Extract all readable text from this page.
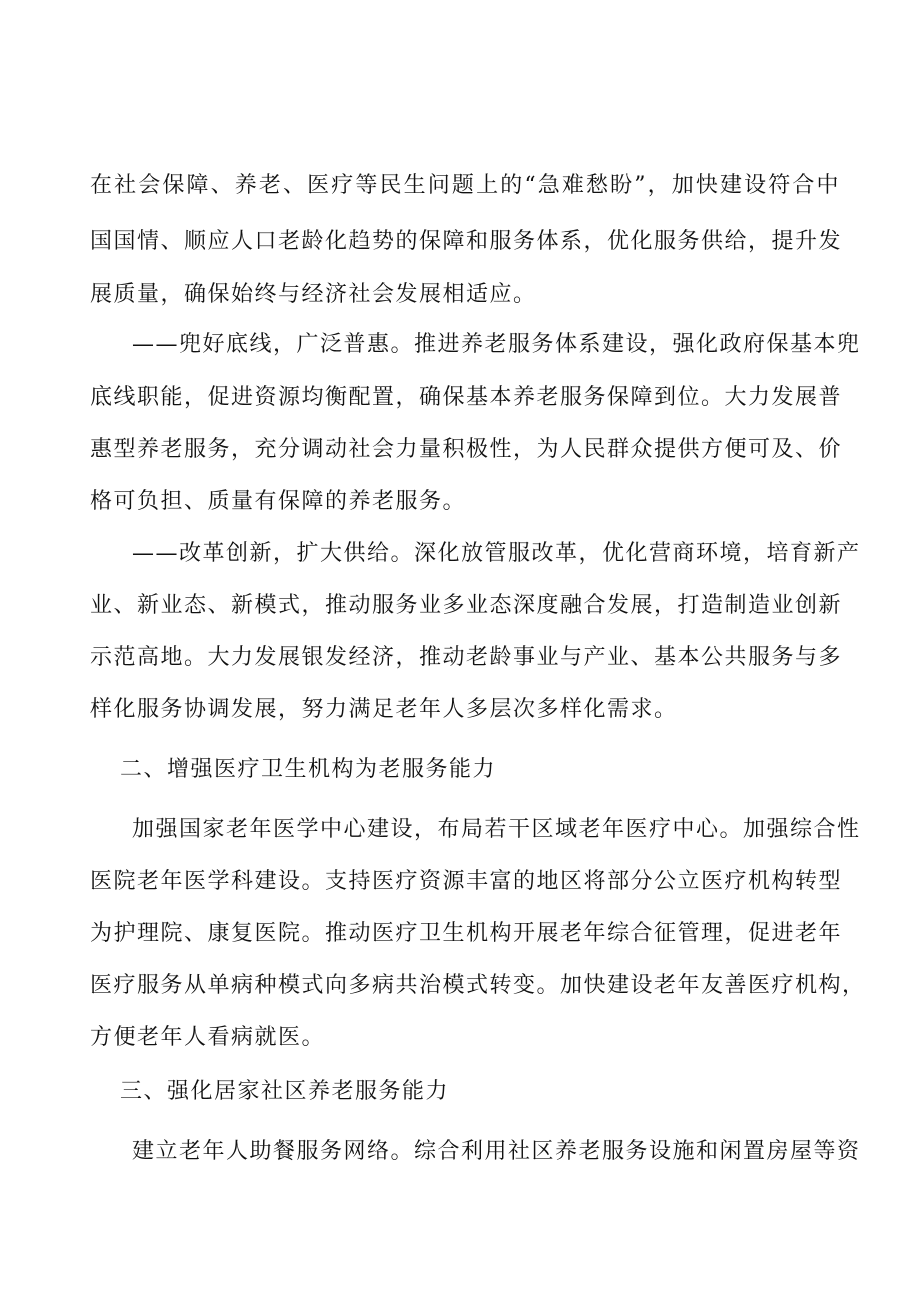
在社会保障、养老、医疗等民生问题上的“急难愁盼”，加快建设符合中
国国情、顺应人口老龄化趋势的保障和服务体系，优化服务供给，提升发
展质量，确保始终与经济社会发展相适应。
——兜好底线，广泛普惠。推进养老服务体系建设，强化政府保基本兜
底线职能，促进资源均衡配置，确保基本养老服务保障到位。大力发展普
惠型养老服务，充分调动社会力量积极性，为人民群众提供方便可及、价
格可负担、质量有保障的养老服务。
——改革创新，扩大供给。深化放管服改革，优化营商环境，培育新产
业、新业态、新模式，推动服务业多业态深度融合发展，打造制造业创新
示范高地。大力发展银发经济，推动老龄事业与产业、基本公共服务与多
样化服务协调发展，努力满足老年人多层次多样化需求。
二、增强医疗卫生机构为老服务能力
加强国家老年医学中心建设，布局若干区域老年医疗中心。加强综合性
医院老年医学科建设。支持医疗资源丰富的地区将部分公立医疗机构转型
为护理院、康复医院。推动医疗卫生机构开展老年综合征管理，促进老年
医疗服务从单病种模式向多病共治模式转变。加快建设老年友善医疗机构，
方便老年人看病就医。
三、强化居家社区养老服务能力
建立老年人助餐服务网络。综合利用社区养老服务设施和闲置房屋等资
